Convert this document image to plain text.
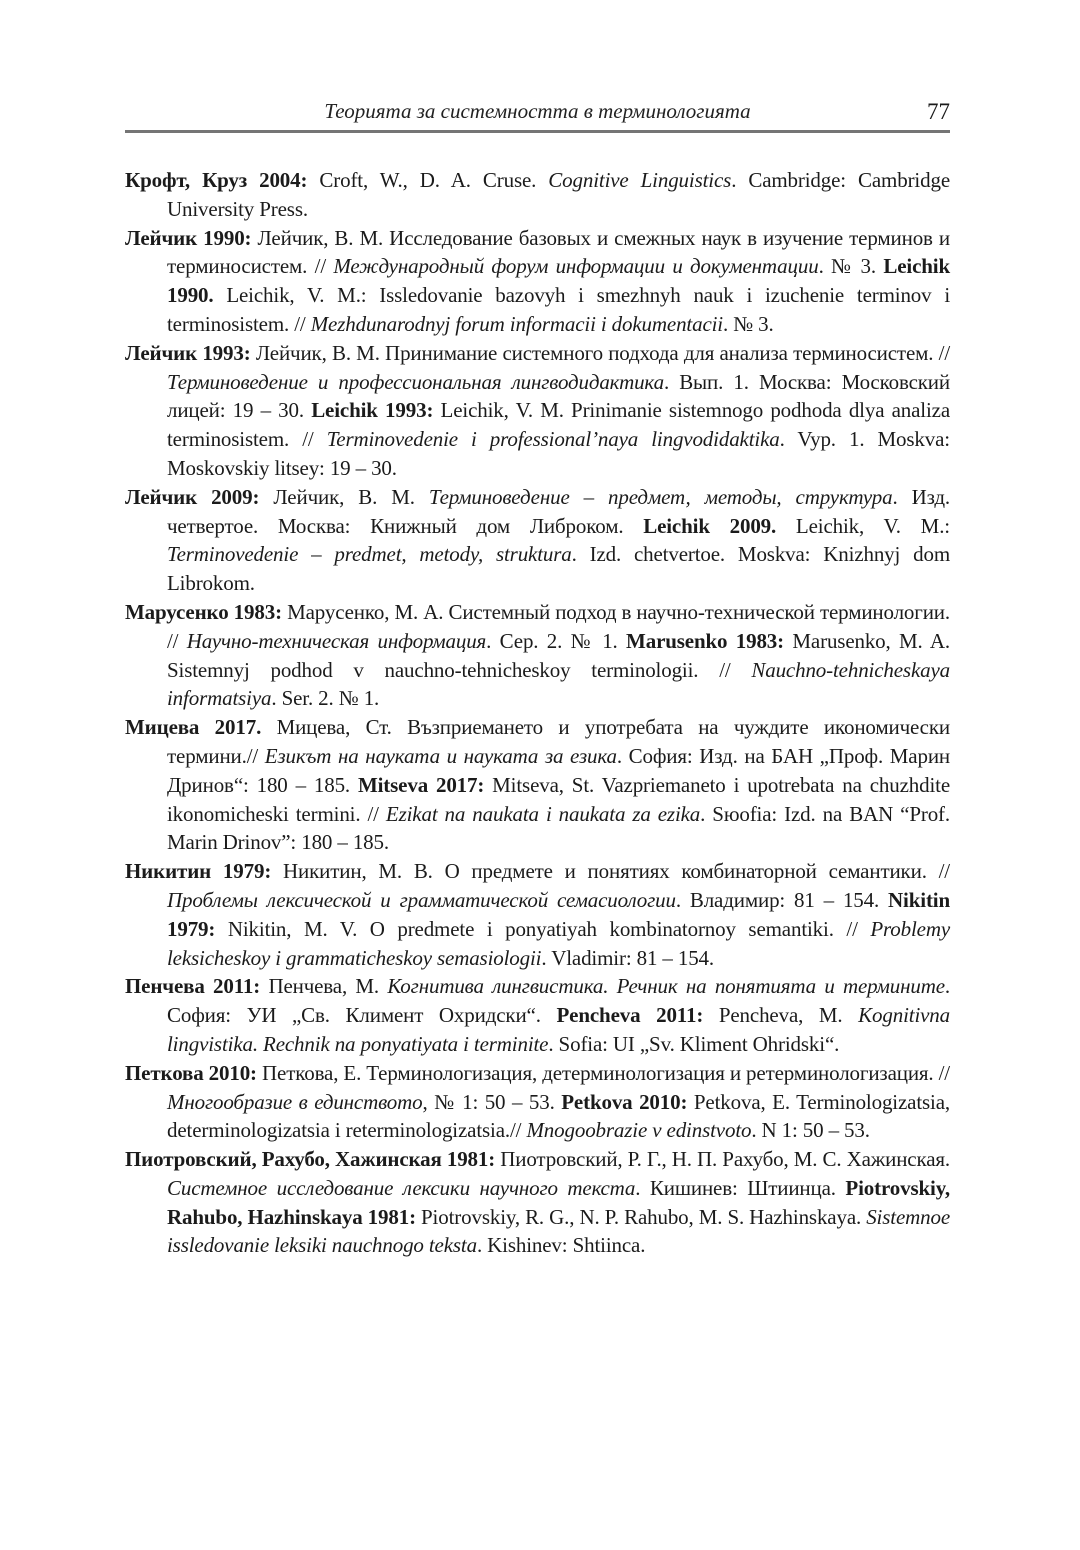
Теорията за системността в терминологията	77

Крофт, Круз 2004: Croft, W., D. A. Cruse. Cognitive Linguistics. Cambridge: Cambridge University Press.

Лейчик 1990: Лейчик, В. М. Исследование базовых и смежных наук в изучение терминов и терминосистем. // Международный форум информации и документации. № 3. Leichik 1990. Leichik, V. M.: Issledovanie bazovyh i smezhnyh nauk i izuchenie terminov i terminosistem. // Mezhdunarodnyj forum informacii i dokumentacii. № 3.

Лейчик 1993: Лейчик, В. М. Принимание системного подхода для анализа терминосистем. // Терминоведение и профессиональная лингводидактика. Вып. 1. Москва: Московский лицей: 19 – 30. Leichik 1993: Leichik, V. M. Prinimanie sistemnogo podhoda dlya analiza terminosistem. // Terminovedenie i professional’naya lingvodidaktika. Vyp. 1. Moskva: Moskovskiy litsey: 19 – 30.

Лейчик 2009: Лейчик, В. М. Терминоведение – предмет, методы, структура. Изд. четвертое. Москва: Книжный дом Либроком. Leichik 2009. Leichik, V. M.: Terminovedenie – predmet, metody, struktura. Izd. chetvertoe. Moskva: Knizhnyj dom Librokom.

Марусенко 1983: Марусенко, М. А. Системный подход в научно-технической терминологии. // Научно-техническая информация. Сер. 2. № 1. Marusenko 1983: Marusenko, M. A. Sistemnyj podhod v nauchno-tehnicheskoy terminologii. // Nauchno-tehnicheskaya informatsiya. Ser. 2. № 1.

Мицева 2017. Мицева, Ст. Възприемането и употребата на чуждите икономически термини.// Езикът на науката и науката за езика. София: Изд. на БАН „Проф. Марин Дринов“: 180 – 185. Mitseva 2017: Mitseva, St. Vazpriemaneto i upotrebata na chuzhdite ikonomicheski termini. // Ezikat na naukata i naukata za ezika. Sюofia: Izd. na BAN “Prof. Marin Drinov”: 180 – 185.

Никитин 1979: Никитин, М. В. О предмете и понятиях комбинаторной семантики. // Проблемы лексической и грамматической семасиологии. Владимир: 81 – 154. Nikitin 1979: Nikitin, M. V. O predmete i ponyatiyah kombinatornoy semantiki. // Problemy leksicheskoy i grammaticheskoy semasiologii. Vladimir: 81 – 154.

Пенчева 2011: Пенчева, М. Когнитива лингвистика. Речник на понятията и термините. София: УИ „Св. Климент Охридски“. Pencheva 2011: Pencheva, M. Kognitivna lingvistika. Rechnik na ponyatiyata i terminite. Sofia: UI „Sv. Kliment Ohridski“.

Петкова 2010: Петкова, Е. Терминологизация, детерминологизация и ретерминологизация. // Многообразие в единството, № 1: 50 – 53. Petkova 2010: Petkova, E. Terminologizatsia, determinologizatsia i reterminologizatsia.// Mnogoobrazie v edinstvoto. N 1: 50 – 53.

Пиотровский, Рахубо, Хажинская 1981: Пиотровский, Р. Г., Н. П. Рахубо, М. С. Хажинская. Системное исследование лексики научного текста. Кишинев: Штиинца. Piotrovskiy, Rahubo, Hazhinskaya 1981: Piotrovskiy, R. G., N. P. Rahubo, M. S. Hazhinskaya. Sistemnoe issledovanie leksiki nauchnogo teksta. Kishinev: Shtiinca.
